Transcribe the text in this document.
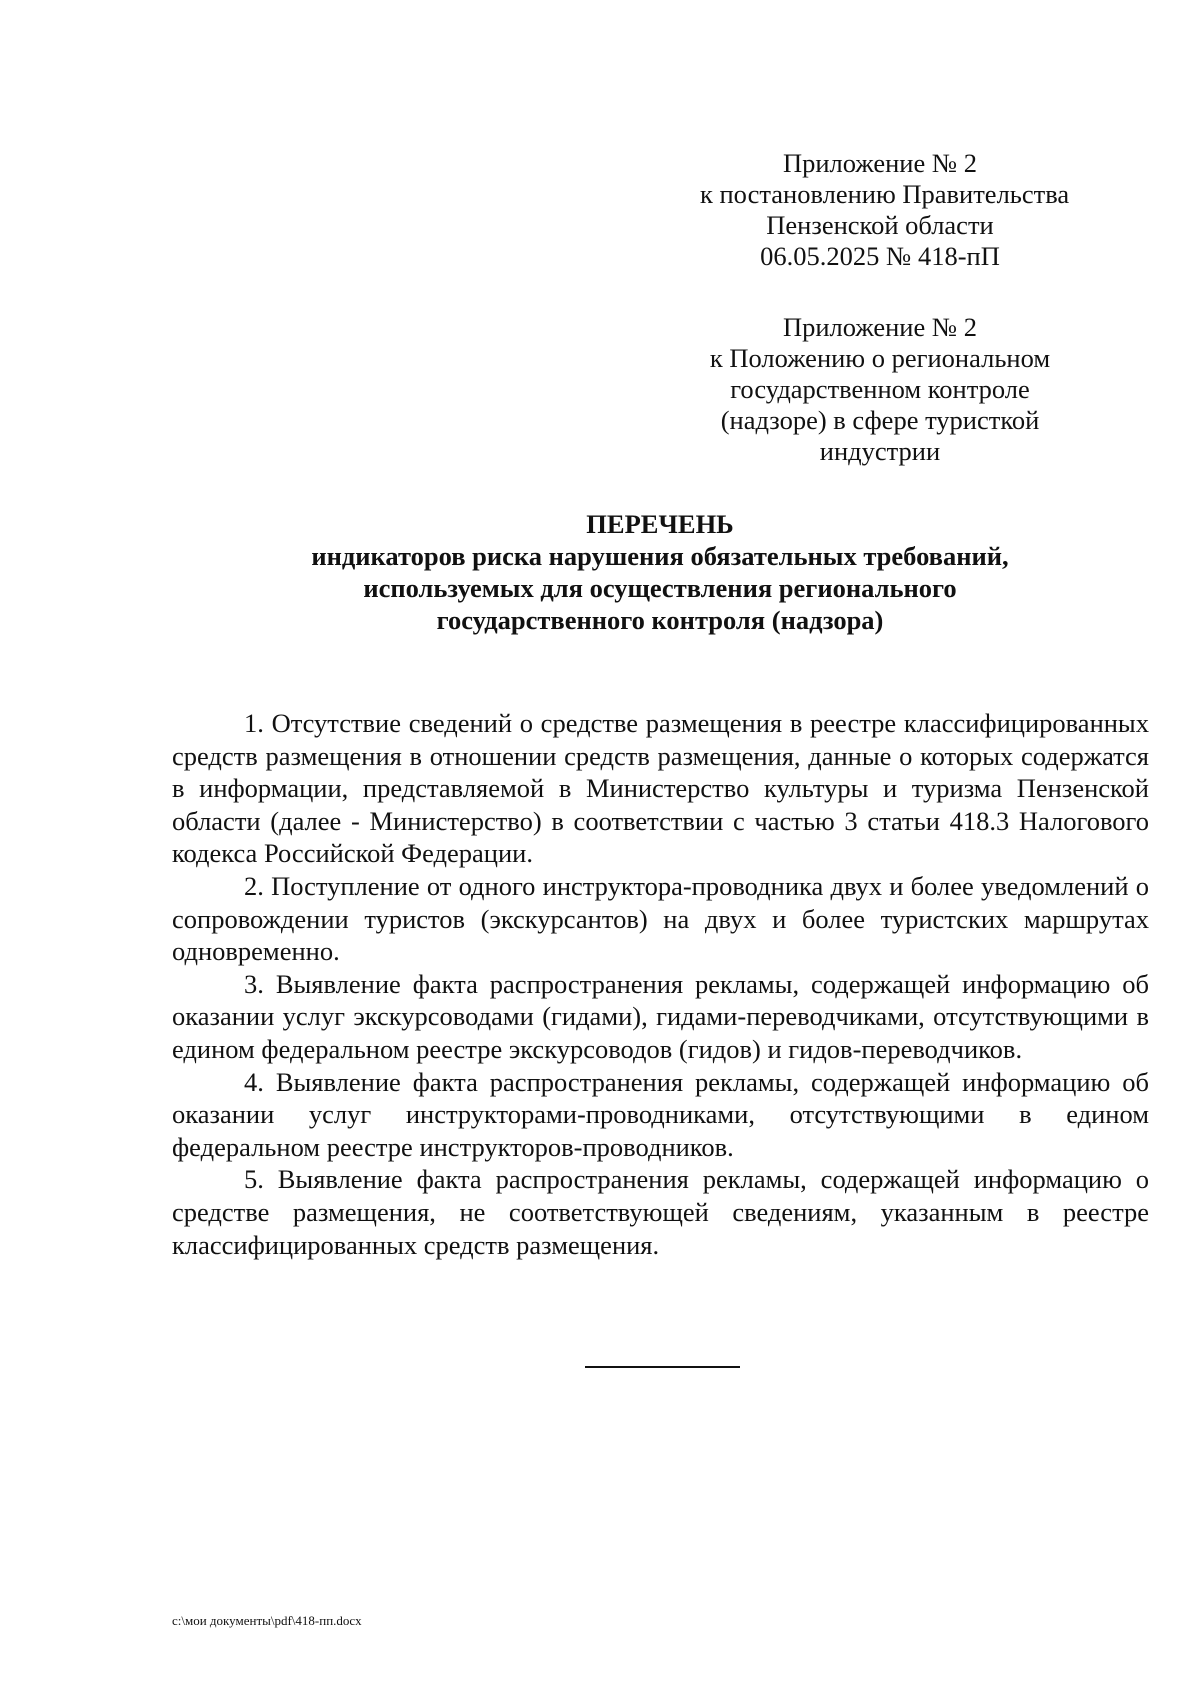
Приложение № 2
к постановлению Правительства
Пензенской области
06.05.2025 № 418-пП
Приложение № 2
к Положению о региональном
государственном контроле
(надзоре) в сфере туристкой
индустрии
ПЕРЕЧЕНЬ
индикаторов риска нарушения обязательных требований,
используемых для осуществления регионального
государственного контроля (надзора)

1. Отсутствие сведений о средстве размещения в реестре классифицированных средств размещения в отношении средств размещения, данные о которых содержатся в информации, представляемой в Министерство культуры и туризма Пензенской области (далее - Министерство) в соответствии с частью 3 статьи 418.3 Налогового кодекса Российской Федерации.

2. Поступление от одного инструктора-проводника двух и более уведомлений о сопровождении туристов (экскурсантов) на двух и более туристских маршрутах одновременно.

3. Выявление факта распространения рекламы, содержащей информацию об оказании услуг экскурсоводами (гидами), гидами-переводчиками, отсутствующими в едином федеральном реестре экскурсоводов (гидов) и гидов-переводчиков.

4. Выявление факта распространения рекламы, содержащей информацию об оказании услуг инструкторами-проводниками, отсутствующими в едином федеральном реестре инструкторов-проводников.

5. Выявление факта распространения рекламы, содержащей информацию о средстве размещения, не соответствующей сведениям, указанным в реестре классифицированных средств размещения.

c:\мои документы\pdf\418-пп.docx
